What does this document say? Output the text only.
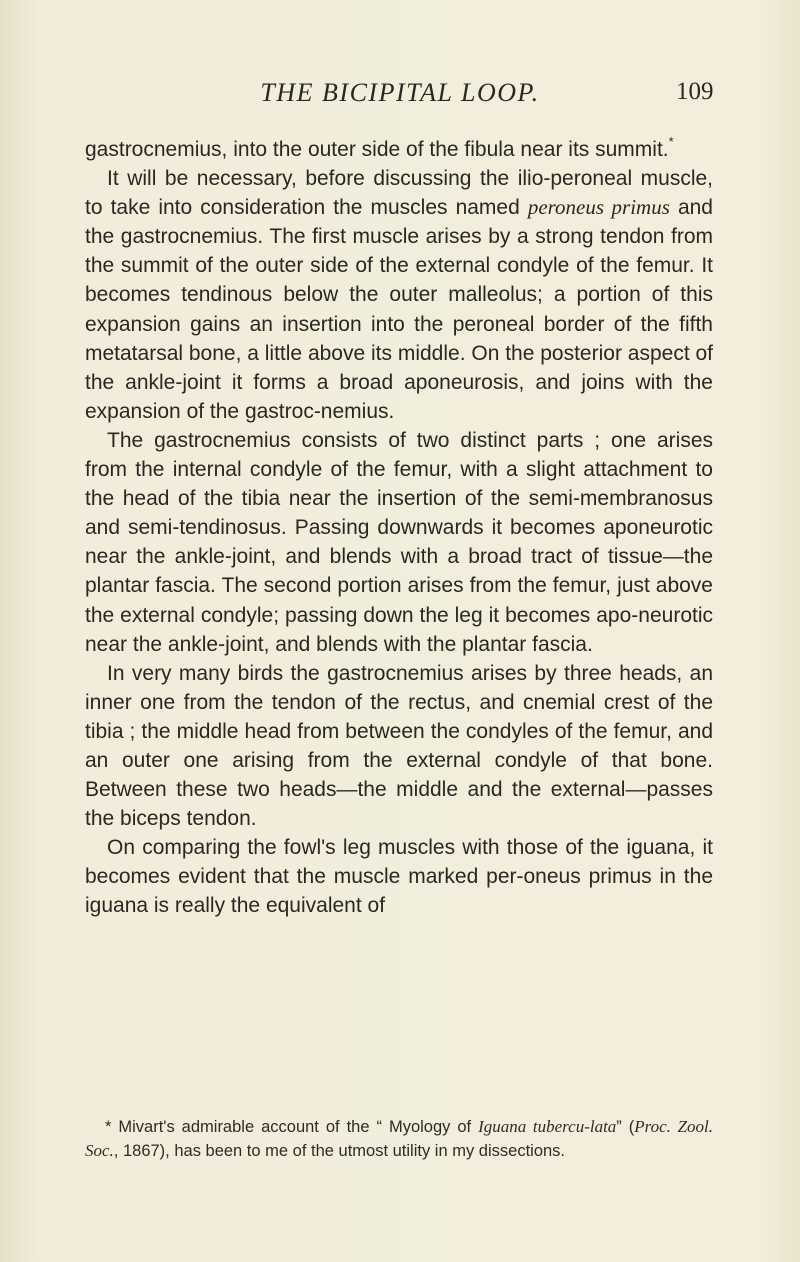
THE BICIPITAL LOOP.	109

gastrocnemius, into the outer side of the fibula near its summit.*

It will be necessary, before discussing the ilio-peroneal muscle, to take into consideration the muscles named peroneus primus and the gastrocnemius. The first muscle arises by a strong tendon from the summit of the outer side of the external condyle of the femur. It becomes tendinous below the outer malleolus; a portion of this expansion gains an insertion into the peroneal border of the fifth metatarsal bone, a little above its middle. On the posterior aspect of the ankle-joint it forms a broad aponeurosis, and joins with the expansion of the gastroc-nemius.

The gastrocnemius consists of two distinct parts ; one arises from the internal condyle of the femur, with a slight attachment to the head of the tibia near the insertion of the semi-membranosus and semi-tendinosus. Passing downwards it becomes aponeurotic near the ankle-joint, and blends with a broad tract of tissue—the plantar fascia. The second portion arises from the femur, just above the external condyle; passing down the leg it becomes apo-neurotic near the ankle-joint, and blends with the plantar fascia.

In very many birds the gastrocnemius arises by three heads, an inner one from the tendon of the rectus, and cnemial crest of the tibia ; the middle head from between the condyles of the femur, and an outer one arising from the external condyle of that bone. Between these two heads—the middle and the external—passes the biceps tendon.

On comparing the fowl's leg muscles with those of the iguana, it becomes evident that the muscle marked per-oneus primus in the iguana is really the equivalent of

* Mivart's admirable account of the “ Myology of Iguana tubercu-lata” (Proc. Zool. Soc., 1867), has been to me of the utmost utility in my dissections.
